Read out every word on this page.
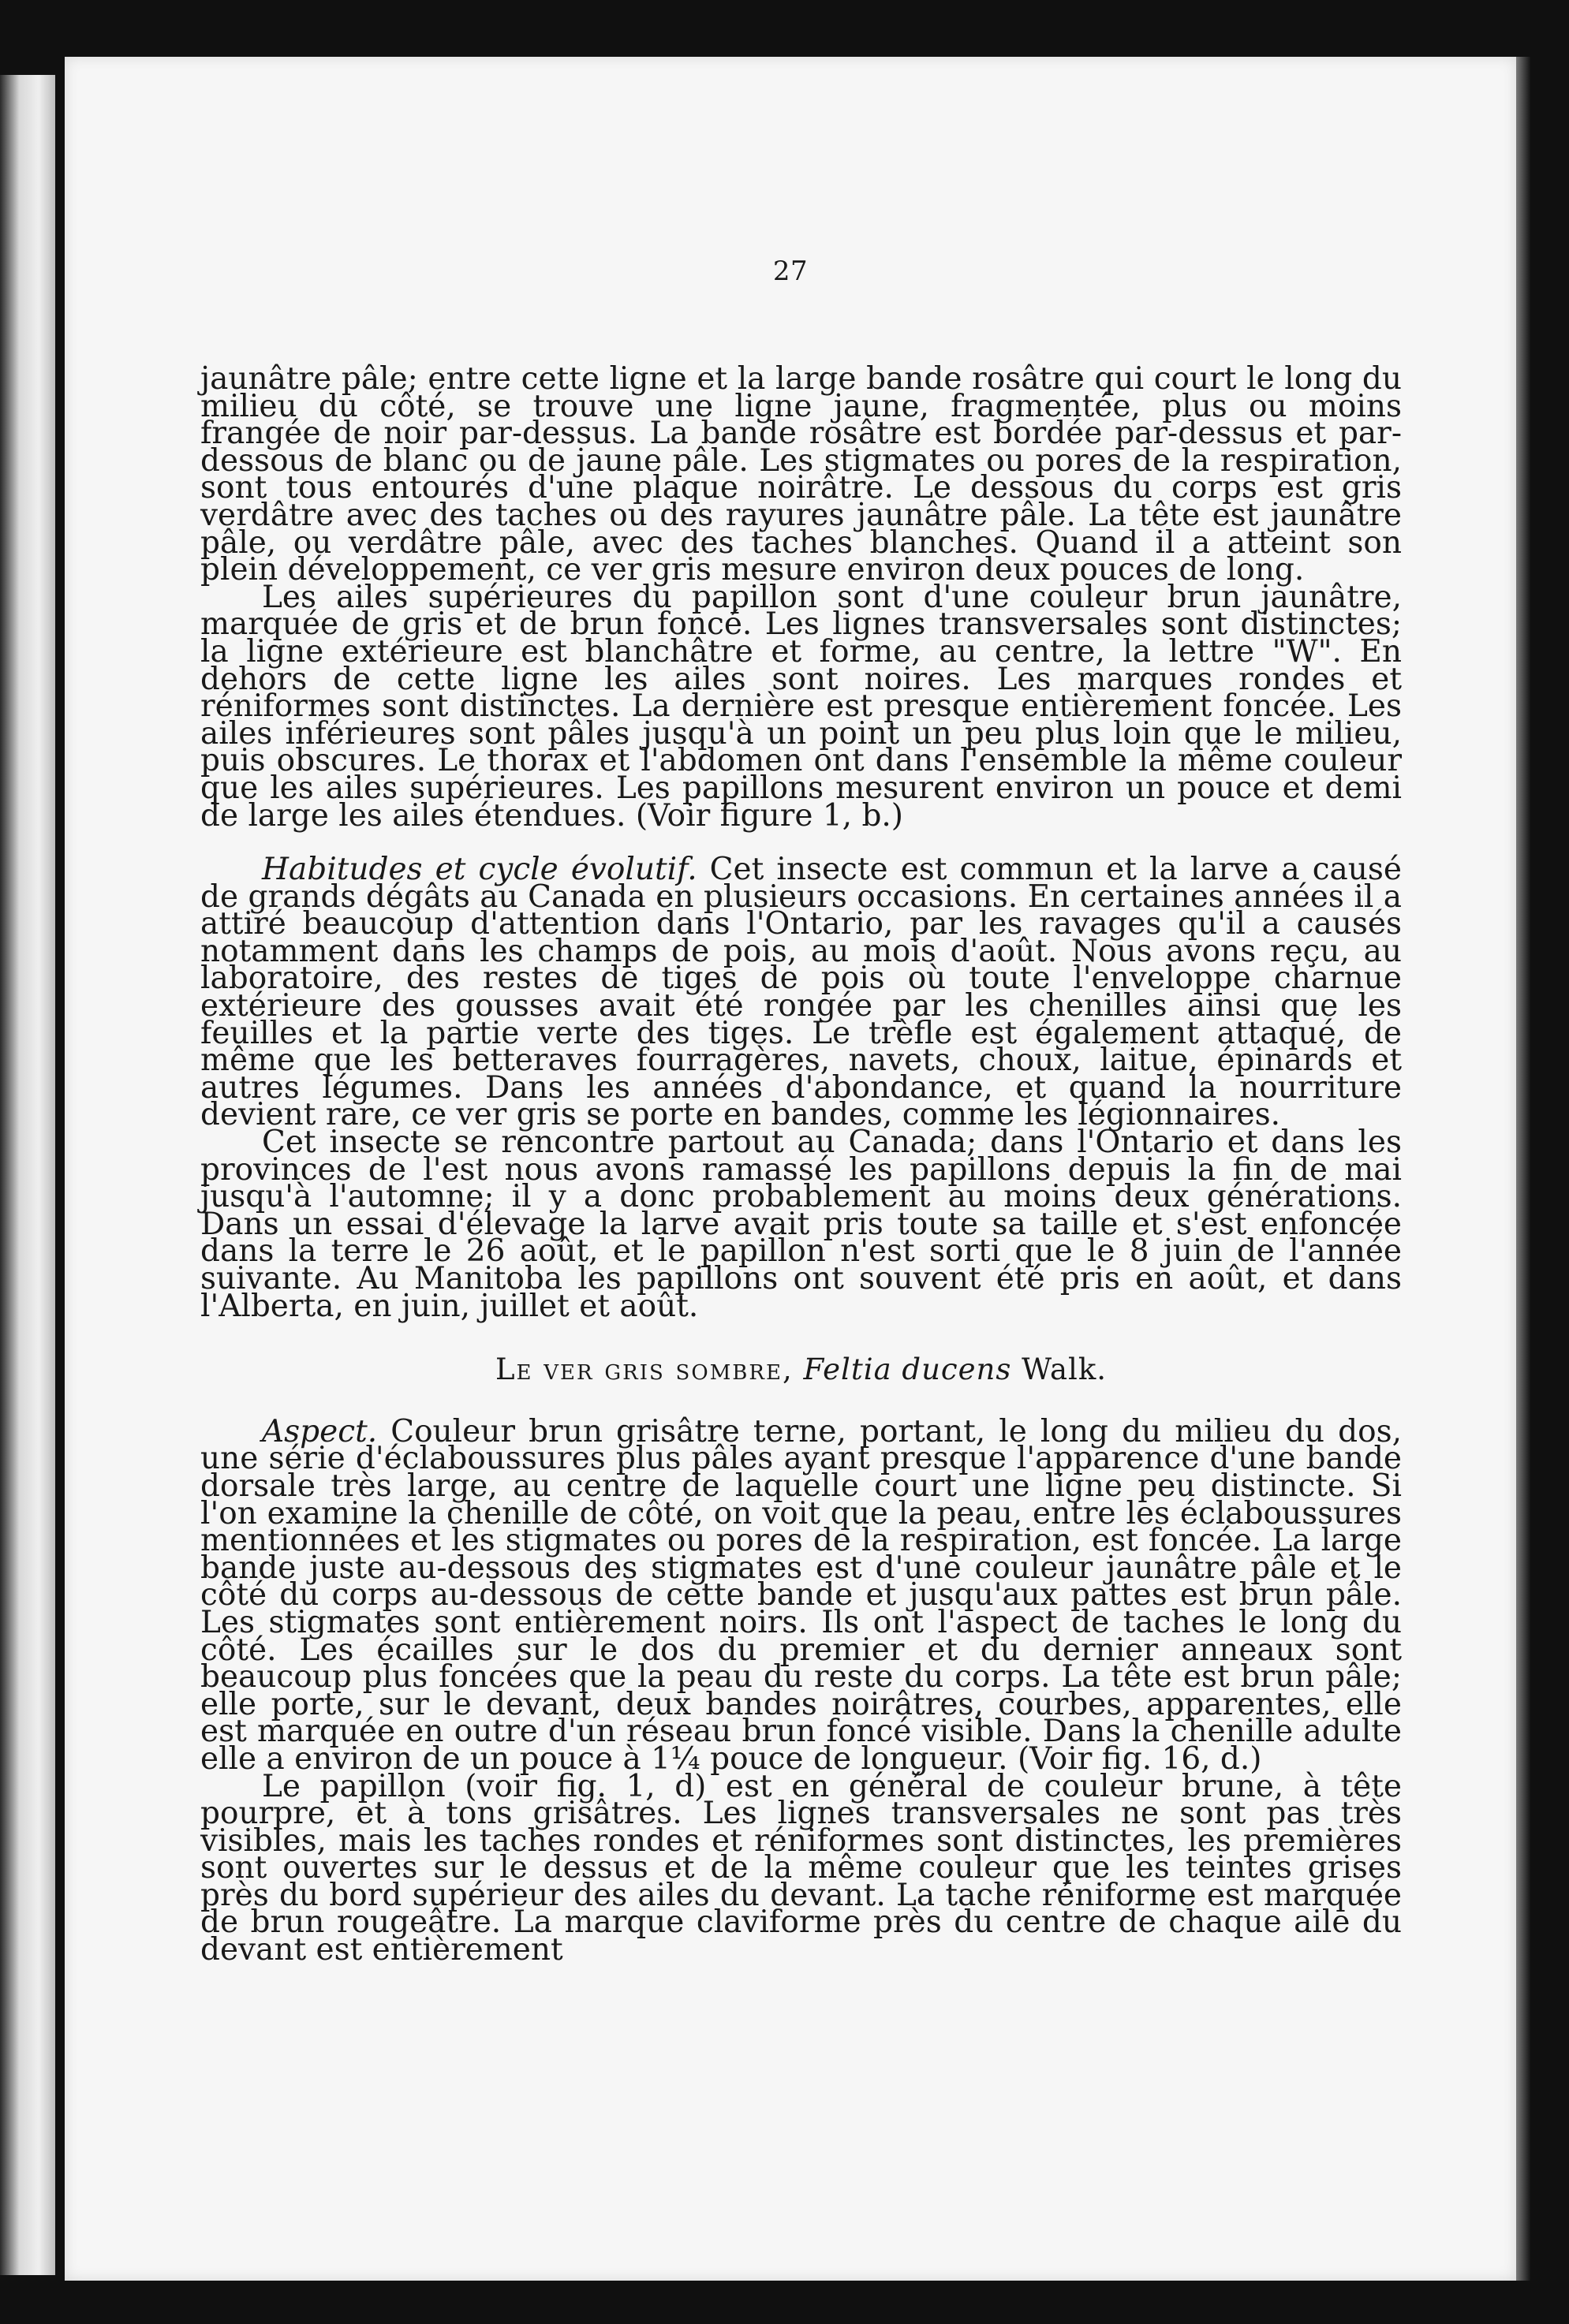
27

jaunâtre pâle; entre cette ligne et la large bande rosâtre qui court le long du milieu du côté, se trouve une ligne jaune, fragmentée, plus ou moins frangée de noir par-dessus. La bande rosâtre est bordée par-dessus et par-dessous de blanc ou de jaune pâle. Les stigmates ou pores de la respiration, sont tous entourés d'une plaque noirâtre. Le dessous du corps est gris verdâtre avec des taches ou des rayures jaunâtre pâle. La tête est jaunâtre pâle, ou verdâtre pâle, avec des taches blanches. Quand il a atteint son plein développement, ce ver gris mesure environ deux pouces de long.

Les ailes supérieures du papillon sont d'une couleur brun jaunâtre, marquée de gris et de brun foncé. Les lignes transversales sont distinctes; la ligne extérieure est blanchâtre et forme, au centre, la lettre "W". En dehors de cette ligne les ailes sont noires. Les marques rondes et réniformes sont distinctes. La dernière est presque entièrement foncée. Les ailes inférieures sont pâles jusqu'à un point un peu plus loin que le milieu, puis obscures. Le thorax et l'abdomen ont dans l'ensemble la même couleur que les ailes supérieures. Les papillons mesurent environ un pouce et demi de large les ailes étendues. (Voir figure 1, b.)

Habitudes et cycle évolutif. Cet insecte est commun et la larve a causé de grands dégâts au Canada en plusieurs occasions. En certaines années il a attiré beaucoup d'attention dans l'Ontario, par les ravages qu'il a causés notamment dans les champs de pois, au mois d'août. Nous avons reçu, au laboratoire, des restes de tiges de pois où toute l'enveloppe charnue extérieure des gousses avait été rongée par les chenilles ainsi que les feuilles et la partie verte des tiges. Le trèfle est également attaqué, de même que les betteraves fourragères, navets, choux, laitue, épinards et autres légumes. Dans les années d'abondance, et quand la nourriture devient rare, ce ver gris se porte en bandes, comme les légionnaires.

Cet insecte se rencontre partout au Canada; dans l'Ontario et dans les provinces de l'est nous avons ramassé les papillons depuis la fin de mai jusqu'à l'automne; il y a donc probablement au moins deux générations. Dans un essai d'élevage la larve avait pris toute sa taille et s'est enfoncée dans la terre le 26 août, et le papillon n'est sorti que le 8 juin de l'année suivante. Au Manitoba les papillons ont souvent été pris en août, et dans l'Alberta, en juin, juillet et août.

Le ver gris sombre, Feltia ducens Walk.

Aspect. Couleur brun grisâtre terne, portant, le long du milieu du dos, une série d'éclaboussures plus pâles ayant presque l'apparence d'une bande dorsale très large, au centre de laquelle court une ligne peu distincte. Si l'on examine la chenille de côté, on voit que la peau, entre les éclaboussures mentionnées et les stigmates ou pores de la respiration, est foncée. La large bande juste au-dessous des stigmates est d'une couleur jaunâtre pâle et le côté du corps au-dessous de cette bande et jusqu'aux pattes est brun pâle. Les stigmates sont entièrement noirs. Ils ont l'aspect de taches le long du côté. Les écailles sur le dos du premier et du dernier anneaux sont beaucoup plus foncées que la peau du reste du corps. La tête est brun pâle; elle porte, sur le devant, deux bandes noirâtres, courbes, apparentes, elle est marquée en outre d'un réseau brun foncé visible. Dans la chenille adulte elle a environ de un pouce à 1¼ pouce de longueur. (Voir fig. 16, d.)

Le papillon (voir fig. 1, d) est en général de couleur brune, à tête pourpre, et à tons grisâtres. Les lignes transversales ne sont pas très visibles, mais les taches rondes et réniformes sont distinctes, les premières sont ouvertes sur le dessus et de la même couleur que les teintes grises près du bord supérieur des ailes du devant. La tache réniforme est marquée de brun rougeâtre. La marque claviforme près du centre de chaque aile du devant est entièrement
